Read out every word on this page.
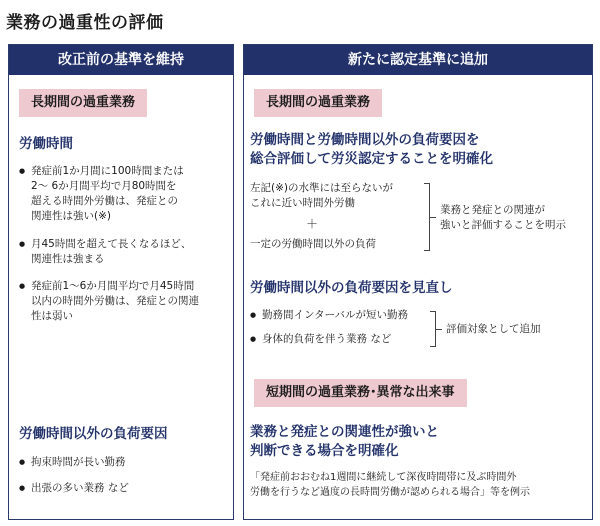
業務の過重性の評価
改正前の基準を維持
長期間の過重業務
労働時間
● 発症前1か月間に100時間または
2〜 6か月間平均で月80時間を
超える時間外労働は、発症との
関連性は強い(※)
● 月45時間を超えて長くなるほど、
関連性は強まる
● 発症前1〜6か月間平均で月45時間
以内の時間外労働は、発症との関連
性は弱い
労働時間以外の負荷要因
● 拘束時間が長い勤務
● 出張の多い業務 など
新たに認定基準に追加
長期間の過重業務
労働時間と労働時間以外の負荷要因を
総合評価して労災認定することを明確化
左記(※)の水準には至らないが
これに近い時間外労働
＋
一定の労働時間以外の負荷
業務と発症との関連が
強いと評価することを明示
労働時間以外の負荷要因を見直し
● 勤務間インターバルが短い勤務
● 身体的負荷を伴う業務 など
評価対象として追加
短期間の過重業務･異常な出来事
業務と発症との関連性が強いと
判断できる場合を明確化
「発症前おおむね1週間に継続して深夜時間帯に及ぶ時間外
労働を行うなど過度の長時間労働が認められる場合」等を例示
